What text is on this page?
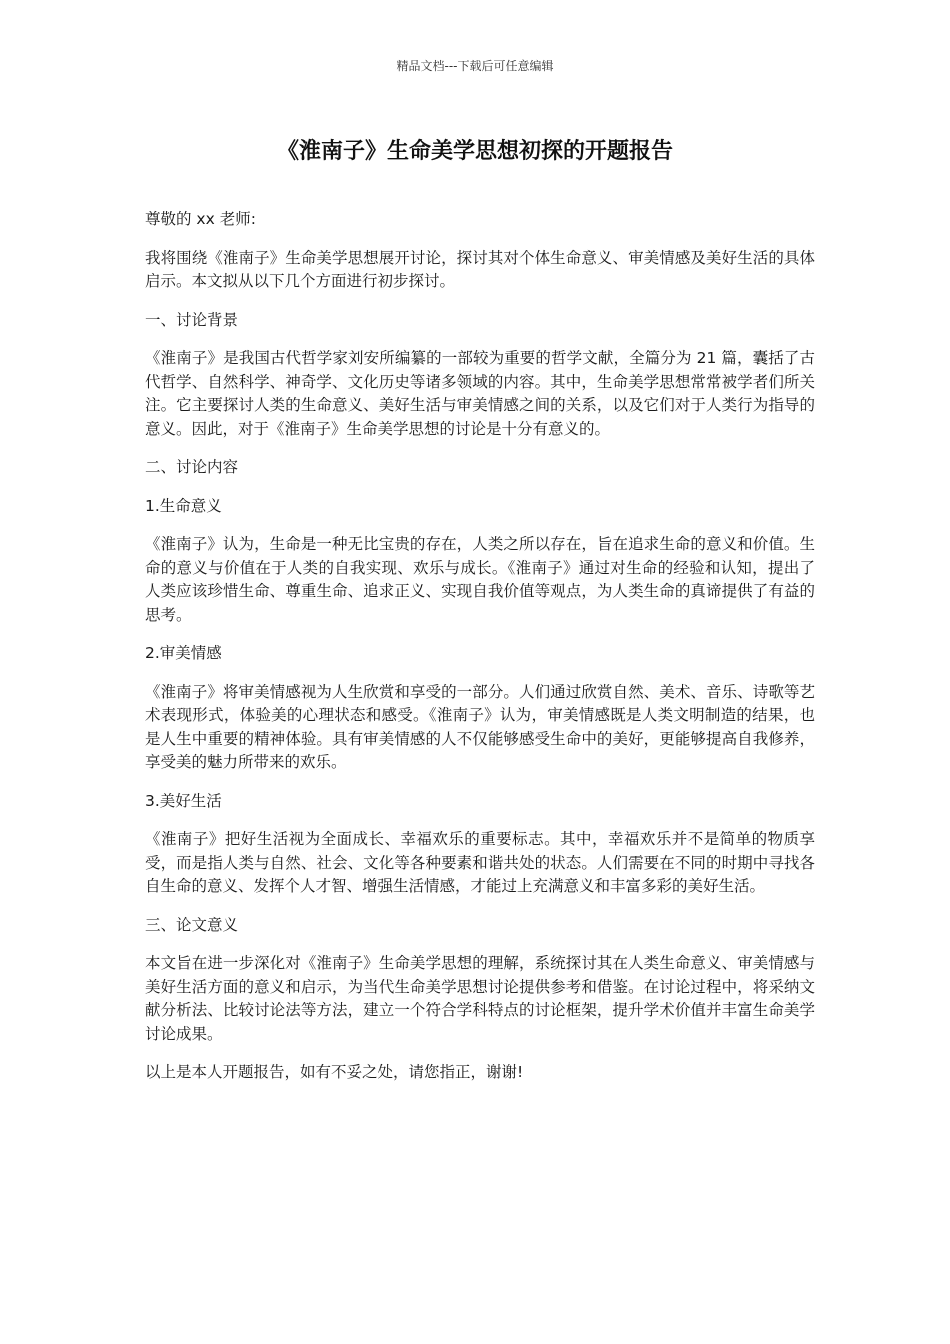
精品文档---下载后可任意编辑
《淮南子》生命美学思想初探的开题报告

尊敬的 xx 老师:

我将围绕《淮南子》生命美学思想展开讨论，探讨其对个体生命意义、审美情感及美好生活的具体启示。本文拟从以下几个方面进行初步探讨。

一、讨论背景

《淮南子》是我国古代哲学家刘安所编纂的一部较为重要的哲学文献，全篇分为 21 篇，囊括了古代哲学、自然科学、神奇学、文化历史等诸多领域的内容。其中，生命美学思想常常被学者们所关注。它主要探讨人类的生命意义、美好生活与审美情感之间的关系，以及它们对于人类行为指导的意义。因此，对于《淮南子》生命美学思想的讨论是十分有意义的。

二、讨论内容

1.生命意义

《淮南子》认为，生命是一种无比宝贵的存在，人类之所以存在，旨在追求生命的意义和价值。生命的意义与价值在于人类的自我实现、欢乐与成长。《淮南子》通过对生命的经验和认知，提出了人类应该珍惜生命、尊重生命、追求正义、实现自我价值等观点，为人类生命的真谛提供了有益的思考。

2.审美情感

《淮南子》将审美情感视为人生欣赏和享受的一部分。人们通过欣赏自然、美术、音乐、诗歌等艺术表现形式，体验美的心理状态和感受。《淮南子》认为，审美情感既是人类文明制造的结果，也是人生中重要的精神体验。具有审美情感的人不仅能够感受生命中的美好，更能够提高自我修养，享受美的魅力所带来的欢乐。

3.美好生活

《淮南子》把好生活视为全面成长、幸福欢乐的重要标志。其中，幸福欢乐并不是简单的物质享受，而是指人类与自然、社会、文化等各种要素和谐共处的状态。人们需要在不同的时期中寻找各自生命的意义、发挥个人才智、增强生活情感，才能过上充满意义和丰富多彩的美好生活。

三、论文意义

本文旨在进一步深化对《淮南子》生命美学思想的理解，系统探讨其在人类生命意义、审美情感与美好生活方面的意义和启示，为当代生命美学思想讨论提供参考和借鉴。在讨论过程中，将采纳文献分析法、比较讨论法等方法，建立一个符合学科特点的讨论框架，提升学术价值并丰富生命美学讨论成果。

以上是本人开题报告，如有不妥之处，请您指正，谢谢!
